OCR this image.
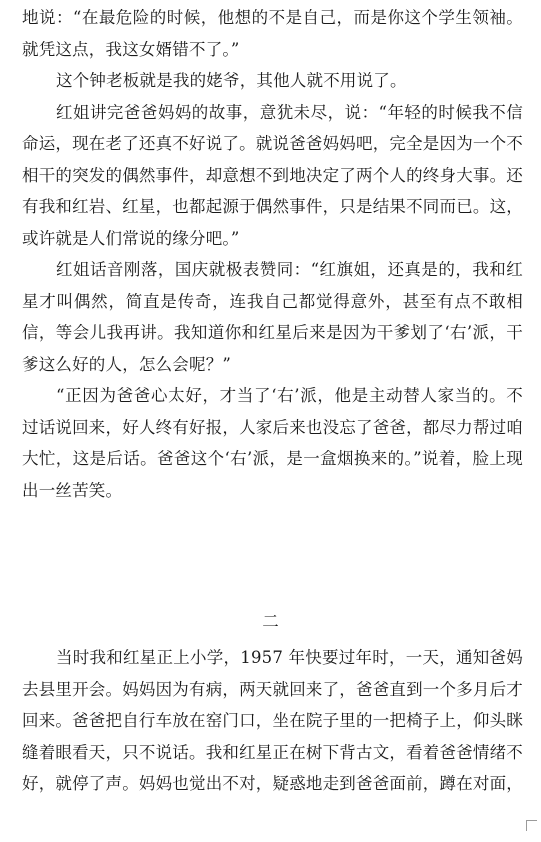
地说：“在最危险的时候，他想的不是自己，而是你这个学生领袖。就凭这点，我这女婿错不了。”

这个钟老板就是我的姥爷，其他人就不用说了。

红姐讲完爸爸妈妈的故事，意犹未尽，说：“年轻的时候我不信命运，现在老了还真不好说了。就说爸爸妈妈吧，完全是因为一个不相干的突发的偶然事件，却意想不到地决定了两个人的终身大事。还有我和红岩、红星，也都起源于偶然事件，只是结果不同而已。这，或许就是人们常说的缘分吧。”

红姐话音刚落，国庆就极表赞同：“红旗姐，还真是的，我和红星才叫偶然，简直是传奇，连我自己都觉得意外，甚至有点不敢相信，等会儿我再讲。我知道你和红星后来是因为干爹划了‘右’派，干爹这么好的人，怎么会呢？”

“正因为爸爸心太好，才当了‘右’派，他是主动替人家当的。不过话说回来，好人终有好报，人家后来也没忘了爸爸，都尽力帮过咱大忙，这是后话。爸爸这个‘右’派，是一盒烟换来的。”说着，脸上现出一丝苦笑。

二

当时我和红星正上小学，1957 年快要过年时，一天，通知爸妈去县里开会。妈妈因为有病，两天就回来了，爸爸直到一个多月后才回来。爸爸把自行车放在窑门口，坐在院子里的一把椅子上，仰头眯缝着眼看天，只不说话。我和红星正在树下背古文，看着爸爸情绪不好，就停了声。妈妈也觉出不对，疑惑地走到爸爸面前，蹲在对面，
